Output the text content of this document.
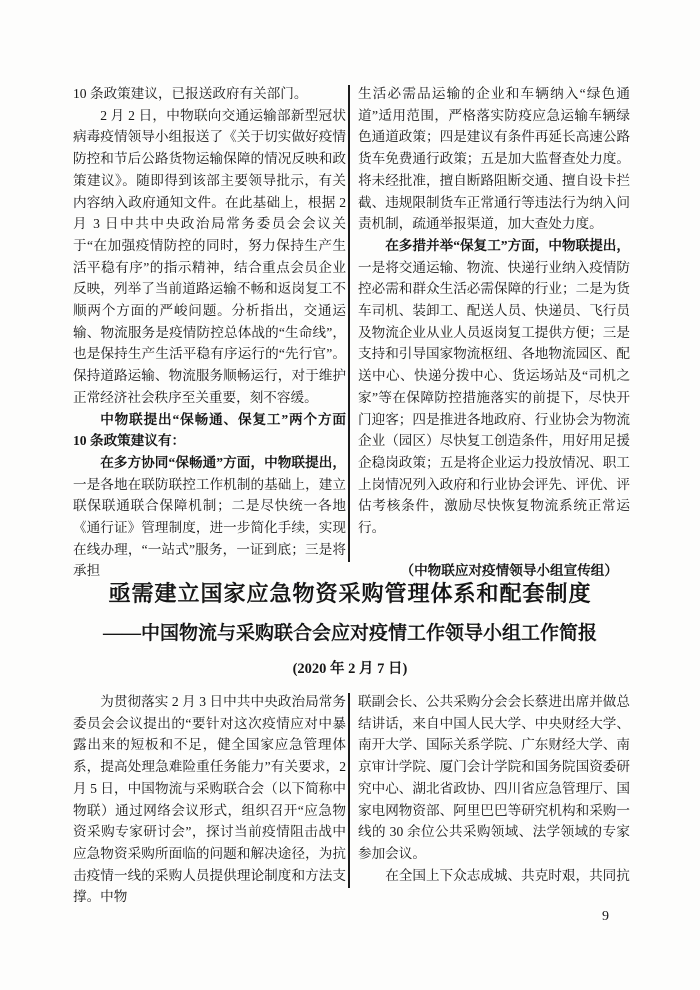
10 条政策建议，已报送政府有关部门。

2 月 2 日，中物联向交通运输部新型冠状病毒疫情领导小组报送了《关于切实做好疫情防控和节后公路货物运输保障的情况反映和政策建议》。随即得到该部主要领导批示，有关内容纳入政府通知文件。在此基础上，根据 2 月 3 日中共中央政治局常务委员会会议关于“在加强疫情防控的同时，努力保持生产生活平稳有序”的指示精神，结合重点会员企业反映，列举了当前道路运输不畅和返岗复工不顺两个方面的严峻问题。分析指出，交通运输、物流服务是疫情防控总体战的“生命线”，也是保持生产生活平稳有序运行的“先行官”。保持道路运输、物流服务顺畅运行，对于维护正常经济社会秩序至关重要，刻不容缓。

中物联提出“保畅通、保复工”两个方面 10 条政策建议有：

在多方协同“保畅通”方面，中物联提出，一是各地在联防联控工作机制的基础上，建立联保联通联合保障机制；二是尽快统一各地《通行证》管理制度，进一步简化手续，实现在线办理，“一站式”服务，一证到底；三是将承担

生活必需品运输的企业和车辆纳入“绿色通道”适用范围，严格落实防疫应急运输车辆绿色通道政策；四是建议有条件再延长高速公路货车免费通行政策；五是加大监督查处力度。将未经批准，擅自断路阻断交通、擅自设卡拦截、违规限制货车正常通行等违法行为纳入问责机制，疏通举报渠道，加大查处力度。

在多措并举“保复工”方面，中物联提出，一是将交通运输、物流、快递行业纳入疫情防控必需和群众生活必需保障的行业；二是为货车司机、装卸工、配送人员、快递员、飞行员及物流企业从业人员返岗复工提供方便；三是支持和引导国家物流枢纽、各地物流园区、配送中心、快递分拨中心、货运场站及“司机之家”等在保障防控措施落实的前提下，尽快开门迎客；四是推进各地政府、行业协会为物流企业（园区）尽快复工创造条件，用好用足援企稳岗政策；五是将企业运力投放情况、职工上岗情况列入政府和行业协会评先、评优、评估考核条件，激励尽快恢复物流系统正常运行。

（中物联应对疫情领导小组宣传组）

亟需建立国家应急物资采购管理体系和配套制度

——中国物流与采购联合会应对疫情工作领导小组工作简报

(2020 年 2 月 7 日)

为贯彻落实 2 月 3 日中共中央政治局常务委员会会议提出的“要针对这次疫情应对中暴露出来的短板和不足，健全国家应急管理体系，提高处理急难险重任务能力”有关要求，2 月 5 日，中国物流与采购联合会（以下简称中物联）通过网络会议形式，组织召开“应急物资采购专家研讨会”，探讨当前疫情阻击战中应急物资采购所面临的问题和解决途径，为抗击疫情一线的采购人员提供理论制度和方法支撑。中物

联副会长、公共采购分会会长蔡进出席并做总结讲话，来自中国人民大学、中央财经大学、南开大学、国际关系学院、广东财经大学、南京审计学院、厦门会计学院和国务院国资委研究中心、湖北省政协、四川省应急管理厅、国家电网物资部、阿里巴巴等研究机构和采购一线的 30 余位公共采购领域、法学领域的专家参加会议。

在全国上下众志成城、共克时艰，共同抗

9
